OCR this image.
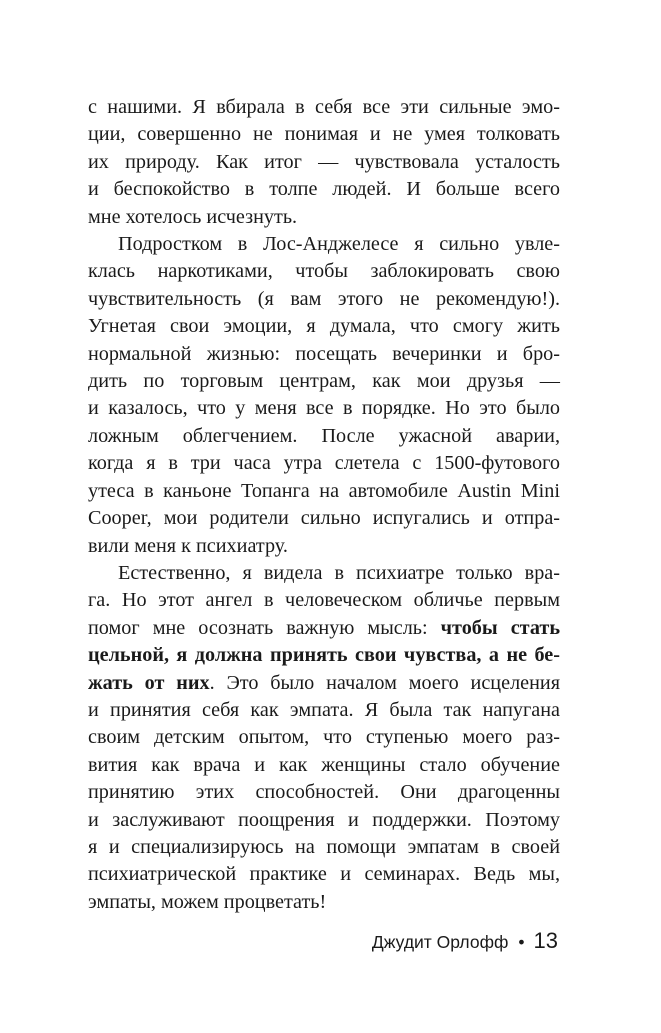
с нашими. Я вбирала в себя все эти сильные эмо-
ции, совершенно не понимая и не умея толковать
их природу. Как итог — чувствовала усталость
и беспокойство в толпе людей. И больше всего
мне хотелось исчезнуть.
Подростком в Лос-Анджелесе я сильно увле-
клась наркотиками, чтобы заблокировать свою
чувствительность (я вам этого не рекомендую!).
Угнетая свои эмоции, я думала, что смогу жить
нормальной жизнью: посещать вечеринки и бро-
дить по торговым центрам, как мои друзья —
и казалось, что у меня все в порядке. Но это было
ложным облегчением. После ужасной аварии,
когда я в три часа утра слетела с 1500-футового
утеса в каньоне Топанга на автомобиле Austin Mini
Cooper, мои родители сильно испугались и отпра-
вили меня к психиатру.
Естественно, я видела в психиатре только вра-
га. Но этот ангел в человеческом обличье первым
помог мне осознать важную мысль: чтобы стать
цельной, я должна принять свои чувства, а не бе-
жать от них. Это было началом моего исцеления
и принятия себя как эмпата. Я была так напугана
своим детским опытом, что ступенью моего раз-
вития как врача и как женщины стало обучение
принятию этих способностей. Они драгоценны
и заслуживают поощрения и поддержки. Поэтому
я и специализируюсь на помощи эмпатам в своей
психиатрической практике и семинарах. Ведь мы,
эмпаты, можем процветать!
Джудит Орлофф • 13
